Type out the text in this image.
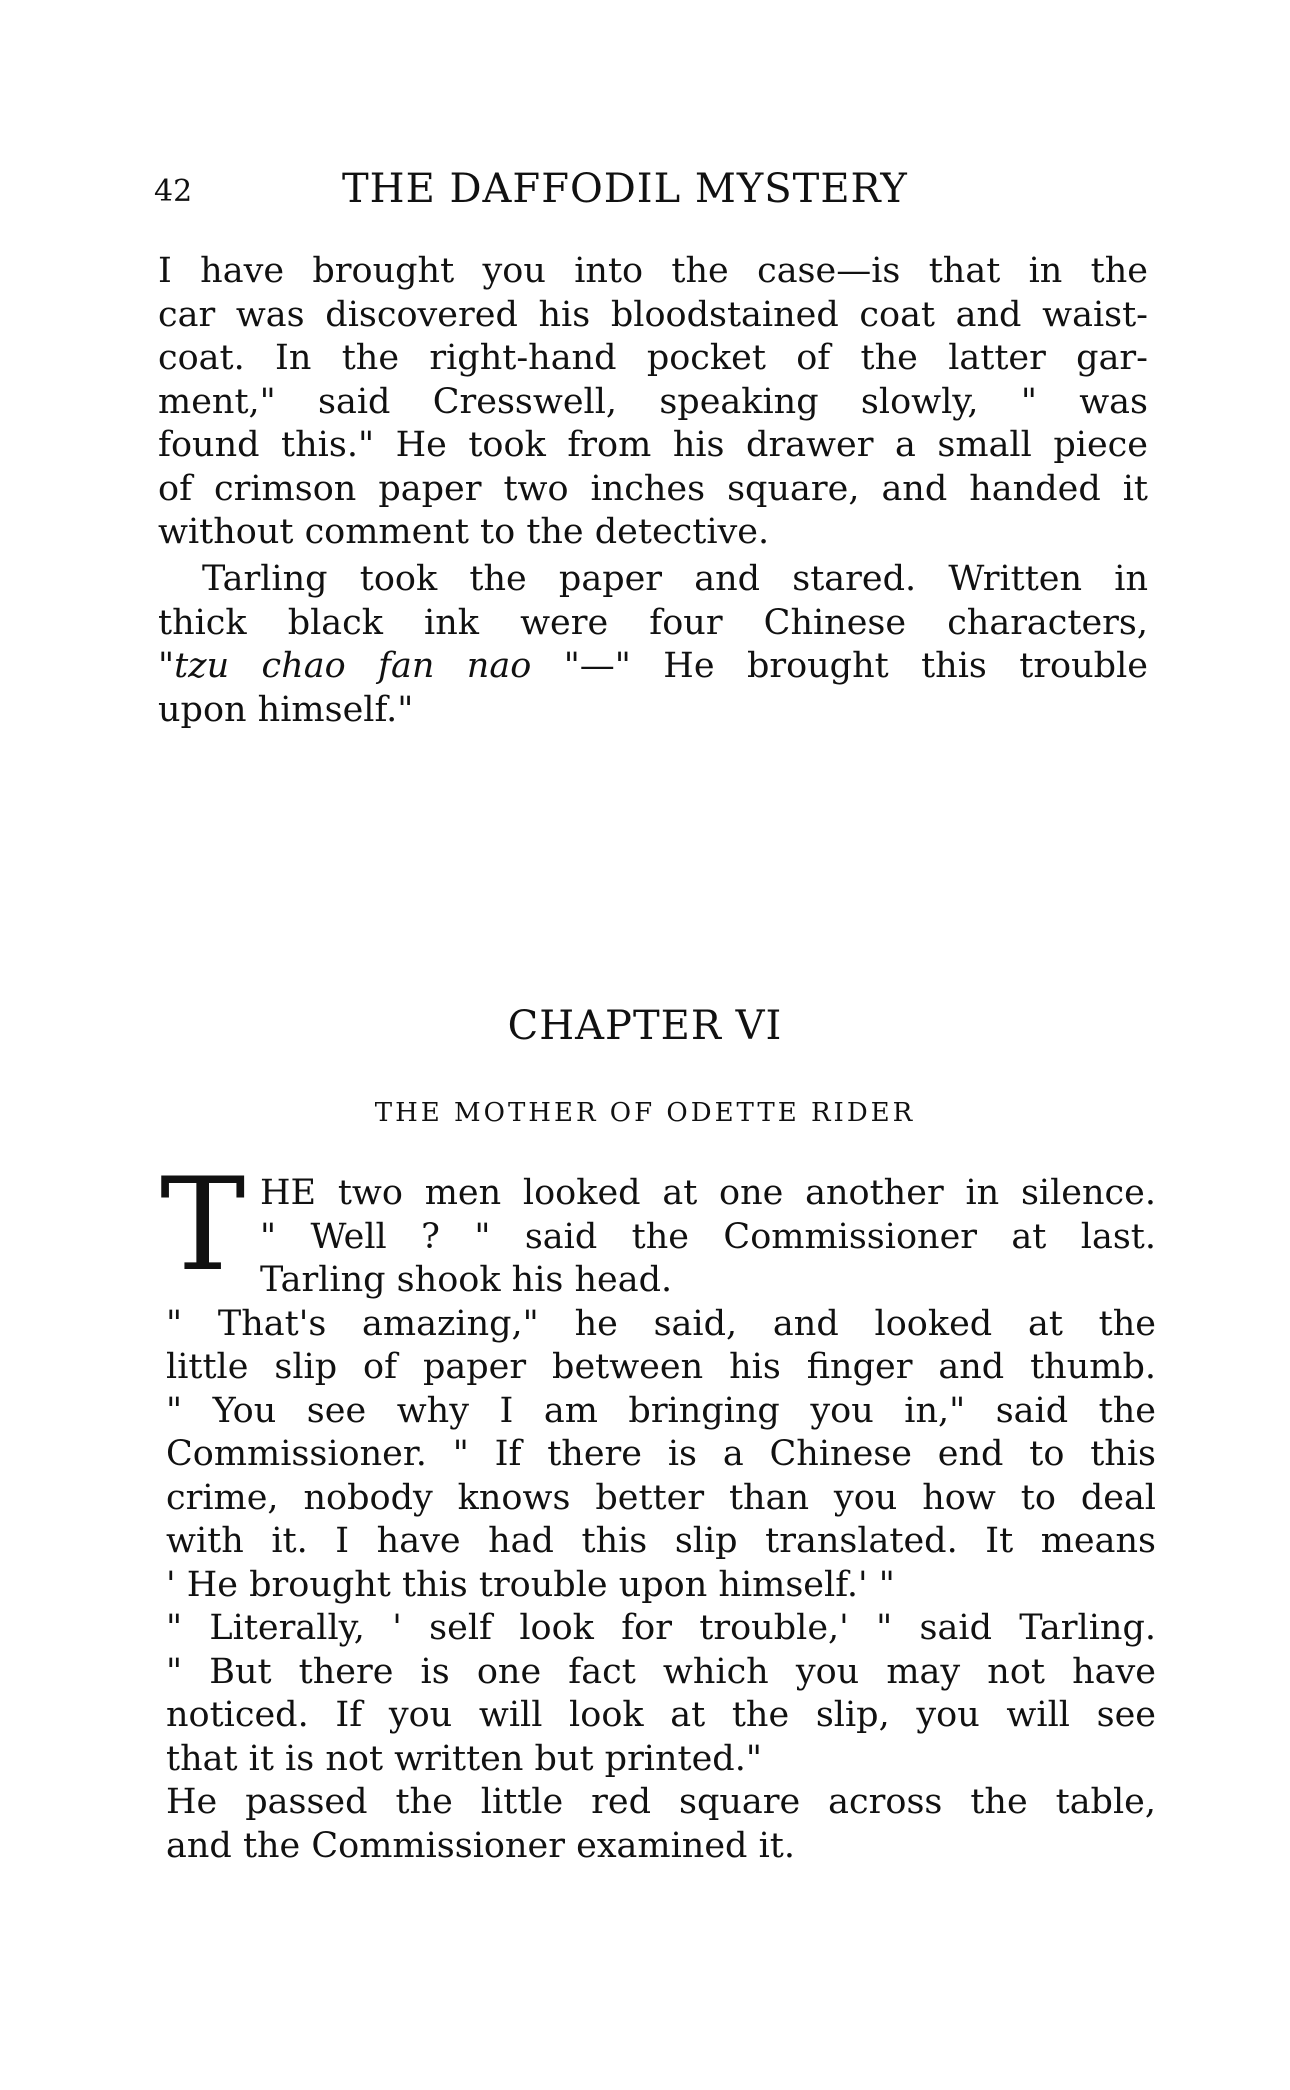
42	THE DAFFODIL MYSTERY
I have brought you into the case—is that in the
car was discovered his bloodstained coat and waist-
coat. In the right-hand pocket of the latter gar-
ment," said Cresswell, speaking slowly, " was
found this." He took from his drawer a small piece
of crimson paper two inches square, and handed it
without comment to the detective.
Tarling took the paper and stared. Written in
thick black ink were four Chinese characters,
"tzu chao fan nao "—" He brought this trouble
upon himself."
CHAPTER VI
THE MOTHER OF ODETTE RIDER
T HE two men looked at one another in silence.
" Well ? " said the Commissioner at last.
Tarling shook his head.
" That's amazing," he said, and looked at the
little slip of paper between his finger and thumb.
" You see why I am bringing you in," said the
Commissioner. " If there is a Chinese end to this
crime, nobody knows better than you how to deal
with it. I have had this slip translated. It means
' He brought this trouble upon himself.' "
" Literally, ' self look for trouble,' " said Tarling.
" But there is one fact which you may not have
noticed. If you will look at the slip, you will see
that it is not written but printed."
He passed the little red square across the table,
and the Commissioner examined it.
